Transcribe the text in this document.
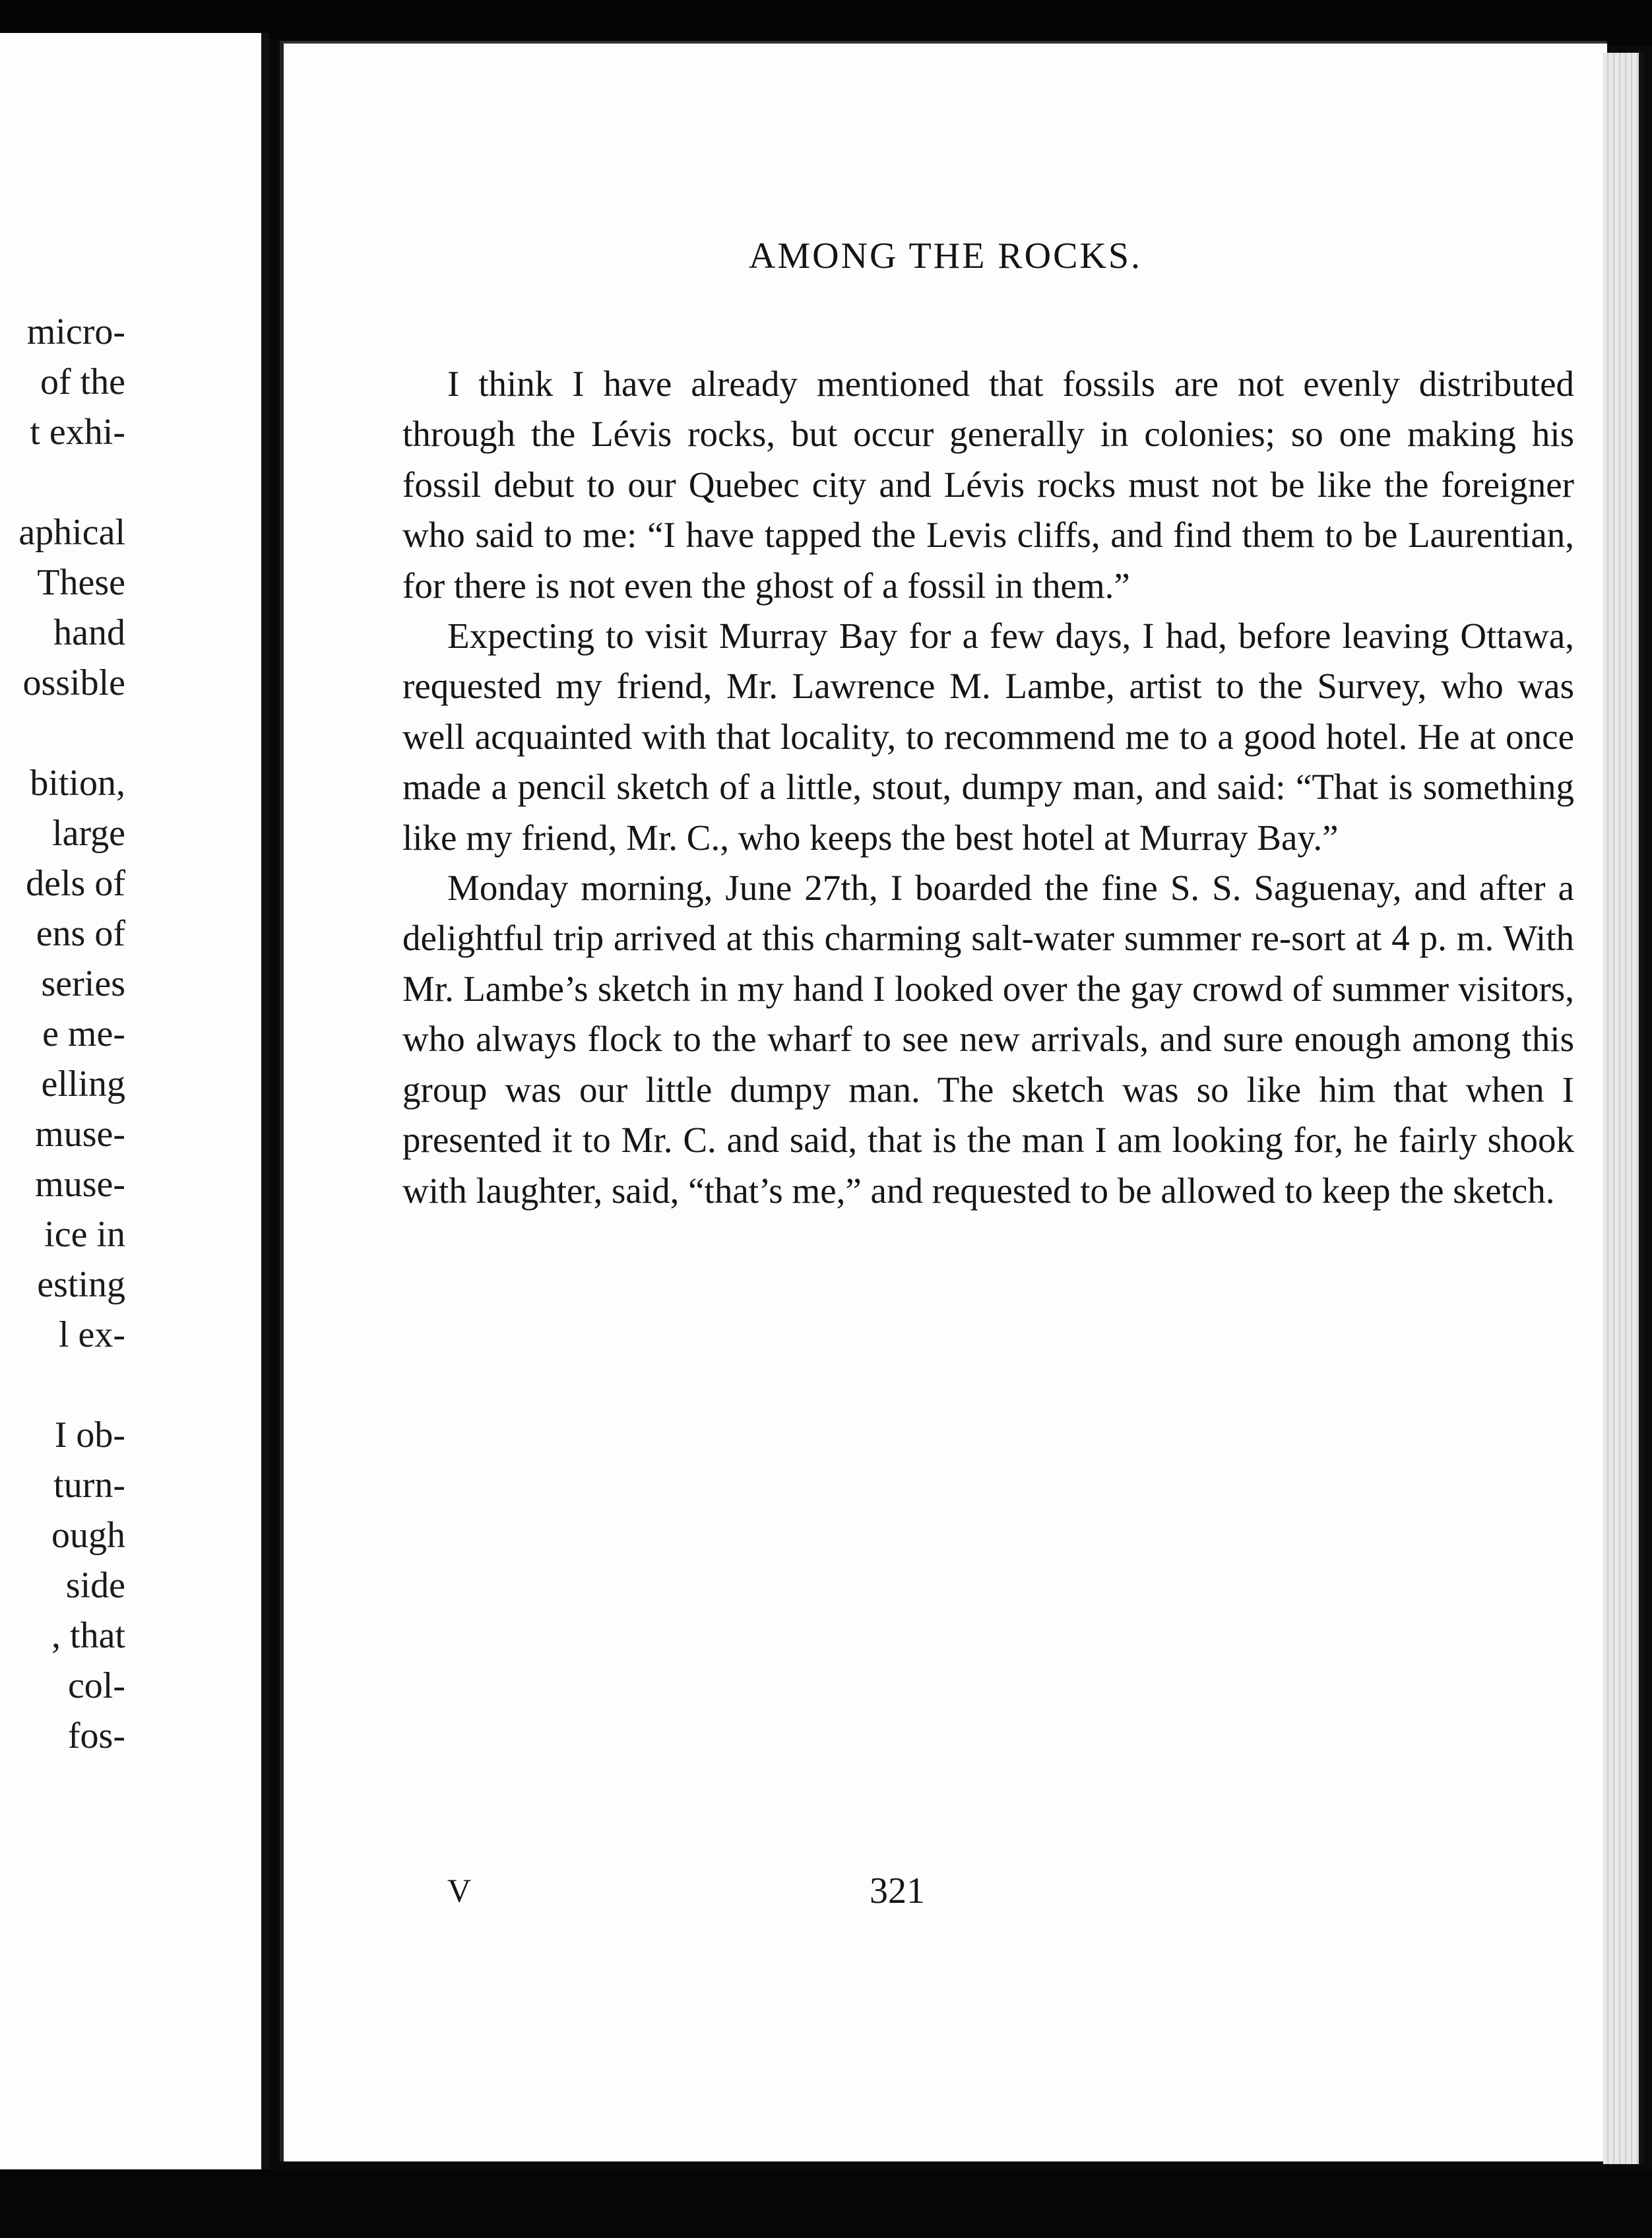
micro-
of the
t exhi-
aphical
These
hand
ossible
bition,
large
dels of
ens of
series
e me-
elling
muse-
muse-
ice in
esting
l ex-
I ob-
turn-
ough
side
, that
col-
fos-
AMONG THE ROCKS.

I think I have already mentioned that fossils are not evenly distributed through the Lévis rocks, but occur generally in colonies; so one making his fossil debut to our Quebec city and Lévis rocks must not be like the foreigner who said to me: “I have tapped the Levis cliffs, and find them to be Laurentian, for there is not even the ghost of a fossil in them.”

Expecting to visit Murray Bay for a few days, I had, before leaving Ottawa, requested my friend, Mr. Lawrence M. Lambe, artist to the Survey, who was well acquainted with that locality, to recommend me to a good hotel. He at once made a pencil sketch of a little, stout, dumpy man, and said: “That is something like my friend, Mr. C., who keeps the best hotel at Murray Bay.”

Monday morning, June 27th, I boarded the fine S. S. Saguenay, and after a delightful trip arrived at this charming salt-water summer re-sort at 4 p. m. With Mr. Lambe’s sketch in my hand I looked over the gay crowd of summer visitors, who always flock to the wharf to see new arrivals, and sure enough among this group was our little dumpy man. The sketch was so like him that when I presented it to Mr. C. and said, that is the man I am looking for, he fairly shook with laughter, said, “that’s me,” and requested to be allowed to keep the sketch.

V	321
